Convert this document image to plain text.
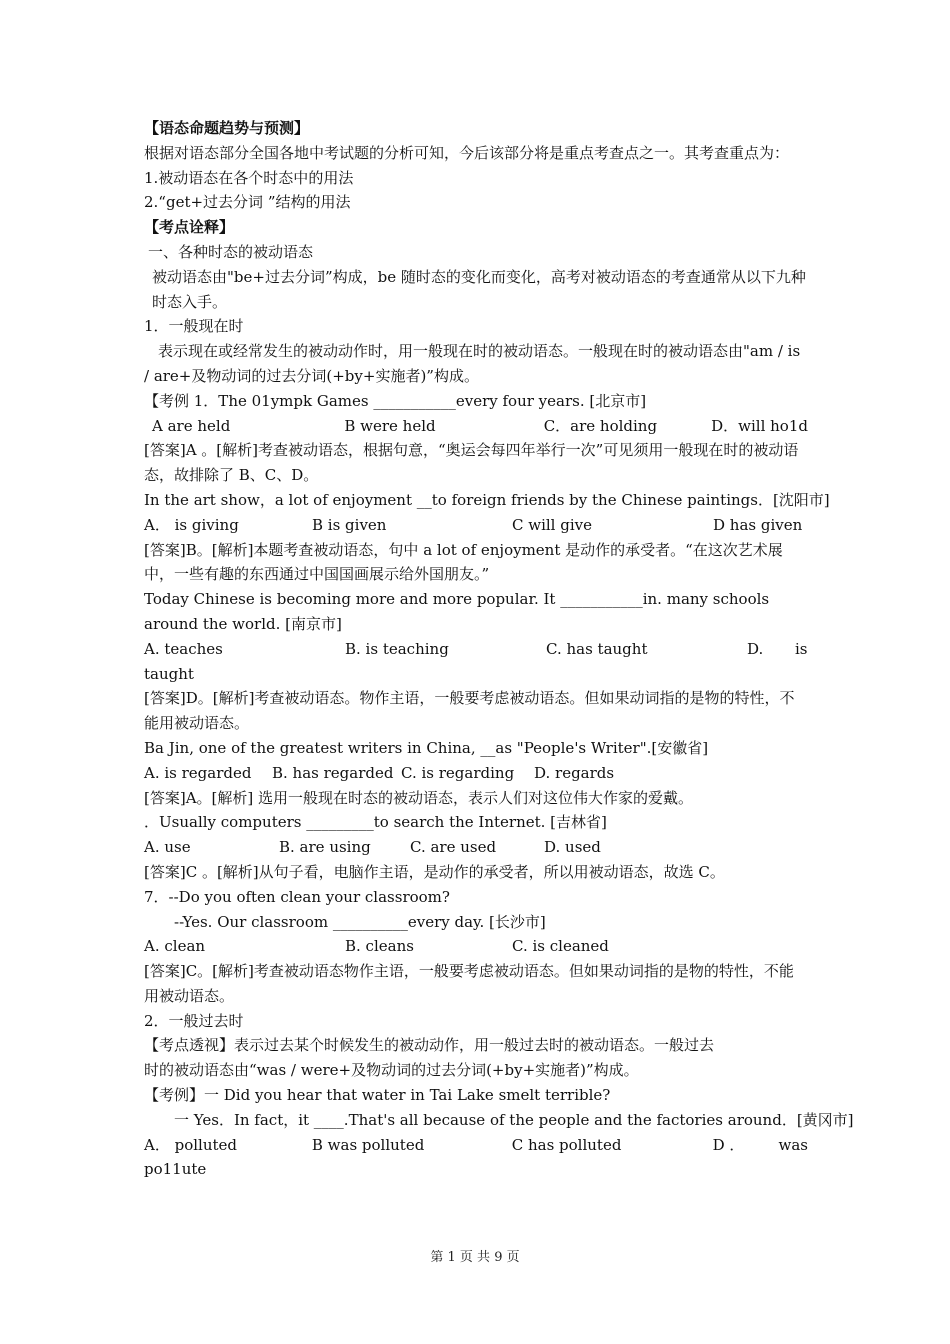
【语态命题趋势与预测】
根据对语态部分全国各地中考试题的分析可知，今后该部分将是重点考查点之一。其考查重点为：
1.被动语态在各个时态中的用法
2.“get+过去分词 ”结构的用法
【考点诠释】
一、各种时态的被动语态
被动语态由"be+过去分词”构成，be 随时态的变化而变化，高考对被动语态的考查通常从以下九种时态入手。
1．一般现在时
表示现在或经常发生的被动动作时，用一般现在时的被动语态。一般现在时的被动语态由"am / is / are+及物动词的过去分词(+by+实施者)”构成。
【考例 1．The 01ympk Games ___________every four years. [北京市]
A are held	B were held	C．are holding	D．will ho1d
[答案]A 。[解析]考查被动语态，根据句意，“奥运会每四年举行一次”可见须用一般现在时的被动语态，故排除了 B、C、D。
In the art show，a lot of enjoyment __to foreign friends by the Chinese paintings．[沈阳市]
A． is giving	B is given	C will give	D has given
[答案]B。[解析]本题考查被动语态，句中 a lot of enjoyment 是动作的承受者。“在这次艺术展中，一些有趣的东西通过中国国画展示给外国朋友。”
Today Chinese is becoming more and more popular. It ___________in. many schools around the world. [南京市]
A. teaches	B. is teaching	C. has taught	D.	is
taught
[答案]D。[解析]考查被动语态。物作主语，一般要考虑被动语态。但如果动词指的是物的特性，不能用被动语态。
Ba Jin, one of the greatest writers in China, __as "People's Writer".[安徽省]
A. is regarded	B. has regarded C. is regarding	D. regards
[答案]A。[解析] 选用一般现在时态的被动语态，表示人们对这位伟大作家的爱戴。
．Usually computers _________to search the Internet. [吉林省]
A. use	B. are using	C. are used	D. used
[答案]C 。[解析]从句子看，电脑作主语，是动作的承受者，所以用被动语态，故选 C。
7．--Do you often clean your classroom?
--Yes. Our classroom __________every day. [长沙市]
A. clean	B. cleans	C. is cleaned
[答案]C。[解析]考查被动语态物作主语，一般要考虑被动语态。但如果动词指的是物的特性，不能用被动语态。
2．一般过去时
【考点透视】表示过去某个时候发生的被动动作，用一般过去时的被动语态。一般过去
时的被动语态由“was / were+及物动词的过去分词(+by+实施者)”构成。
【考例】一 Did you hear that water in Tai Lake smelt terrible?
一 Yes．In fact，it ____.That's all because of the people and the factories around．[黄冈市]
A． polluted	B was polluted	C has polluted	D ．	was
po11ute
第 1 页 共 9 页
